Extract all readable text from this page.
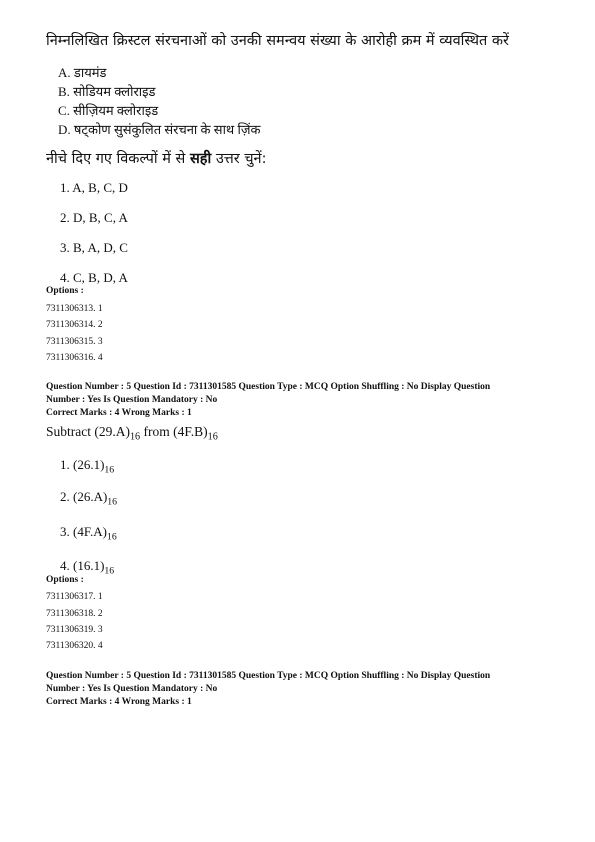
निम्नलिखित क्रिस्टल संरचनाओं को उनकी समन्वय संख्या के आरोही क्रम में व्यवस्थित करें
A. डायमंड
B. सोडियम क्लोराइड
C. सीज़ियम क्लोराइड
D. षट्कोण सुसंकुलित संरचना के साथ ज़िंक
नीचे दिए गए विकल्पों में से सही उत्तर चुनें:
1. A, B, C, D
2. D, B, C, A
3. B, A, D, C
4. C, B, D, A
Options :
7311306313. 1
7311306314. 2
7311306315. 3
7311306316. 4
Question Number : 5 Question Id : 7311301585 Question Type : MCQ Option Shuffling : No Display Question
Number : Yes Is Question Mandatory : No
Correct Marks : 4 Wrong Marks : 1
Subtract $(29.A)_{16}$ from $(4F.B)_{16}$
1. $(26.1)_{16}$
2. $(26.A)_{16}$
3. $(4F.A)_{16}$
4. $(16.1)_{16}$
Options :
7311306317. 1
7311306318. 2
7311306319. 3
7311306320. 4
Question Number : 5 Question Id : 7311301585 Question Type : MCQ Option Shuffling : No Display Question
Number : Yes Is Question Mandatory : No
Correct Marks : 4 Wrong Marks : 1
